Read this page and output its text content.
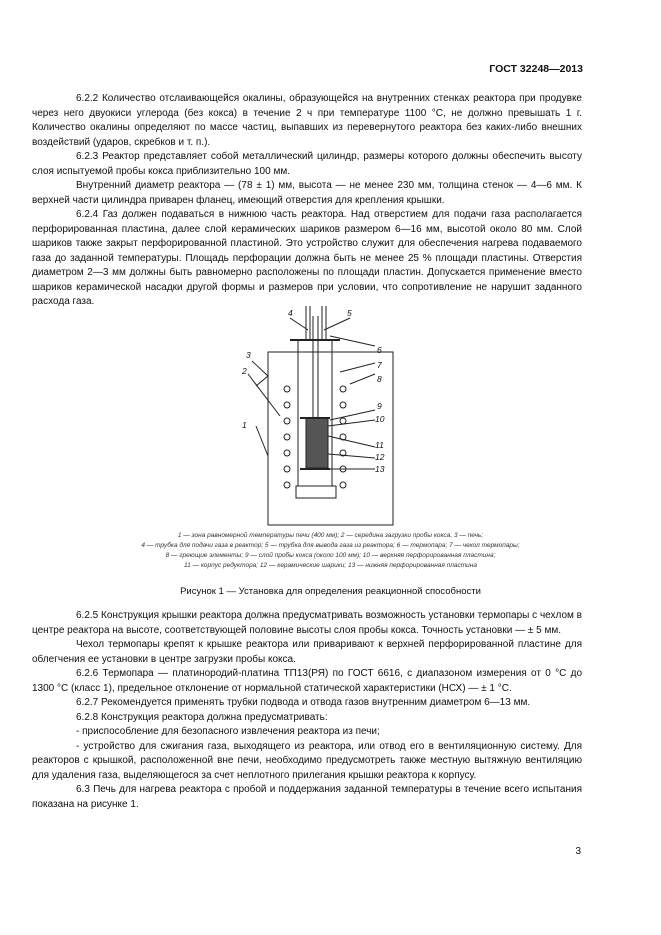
ГОСТ 32248—2013

6.2.2 Количество отслаивающейся окалины, образующейся на внутренних стенках реактора при продувке через него двуокиси углерода (без кокса) в течение 2 ч при температуре 1100 °С, не должно превышать 1 г. Количество окалины определяют по массе частиц, выпавших из перевернутого реактора без каких-либо внешних воздействий (ударов, скребков и т. п.).

6.2.3 Реактор представляет собой металлический цилиндр, размеры которого должны обеспечить высоту слоя испытуемой пробы кокса приблизительно 100 мм.

Внутренний диаметр реактора — (78 ± 1) мм, высота — не менее 230 мм, толщина стенок — 4—6 мм. К верхней части цилиндра приварен фланец, имеющий отверстия для крепления крышки.

6.2.4 Газ должен подаваться в нижнюю часть реактора. Над отверстием для подачи газа располагается перфорированная пластина, далее слой керамических шариков размером 6—16 мм, высотой около 80 мм. Слой шариков также закрыт перфорированной пластиной. Это устройство служит для обеспечения нагрева подаваемого газа до заданной температуры. Площадь перфорации должна быть не менее 25 % площади пластины. Отверстия диаметром 2—3 мм должны быть равномерно расположены по площади пластин. Допускается применение вместо шариков керамической насадки другой формы и размеров при условии, что сопротивление не нарушит заданного расхода газа.

1
2
3
4	5
6
7
8
9
10
11
12
13
1 — зона равномерной температуры печи (400 мм); 2 — середина загрузки пробы кокса, 3 — печь;
4 — трубка для подачи газа в реактор; 5 — трубка для вывода газа из реактора; 6 — термопара; 7 — чехол термопары;
8 — греющие элементы; 9 — слой пробы кокса (около 100 мм); 10 — верхняя перфорированная пластина;
11 — корпус редуктора; 12 — керамические шарики; 13 — нижняя перфорированная пластина
Рисунок 1 — Установка для определения реакционной способности

6.2.5 Конструкция крышки реактора должна предусматривать возможность установки термопары с чехлом в центре реактора на высоте, соответствующей половине высоты слоя пробы кокса. Точность установки — ± 5 мм.

Чехол термопары крепят к крышке реактора или приваривают к верхней перфорированной пластине для облегчения ее установки в центре загрузки пробы кокса.

6.2.6 Термопара — платинородий-платина ТП13(РЯ) по ГОСТ 6616, с диапазоном измерения от 0 °С до 1300 °С (класс 1), предельное отклонение от нормальной статической характеристики (НСХ) — ± 1 °С.

6.2.7 Рекомендуется применять трубки подвода и отвода газов внутренним диаметром 6—13 мм.

6.2.8 Конструкция реактора должна предусматривать:

- приспособление для безопасного извлечения реактора из печи;

- устройство для сжигания газа, выходящего из реактора, или отвод его в вентиляционную систему. Для реакторов с крышкой, расположенной вне печи, необходимо предусмотреть также местную вытяжную вентиляцию для удаления газа, выделяющегося за счет неплотного прилегания крышки реактора к корпусу.

6.3 Печь для нагрева реактора с пробой и поддержания заданной температуры в течение всего испытания показана на рисунке 1.

3
